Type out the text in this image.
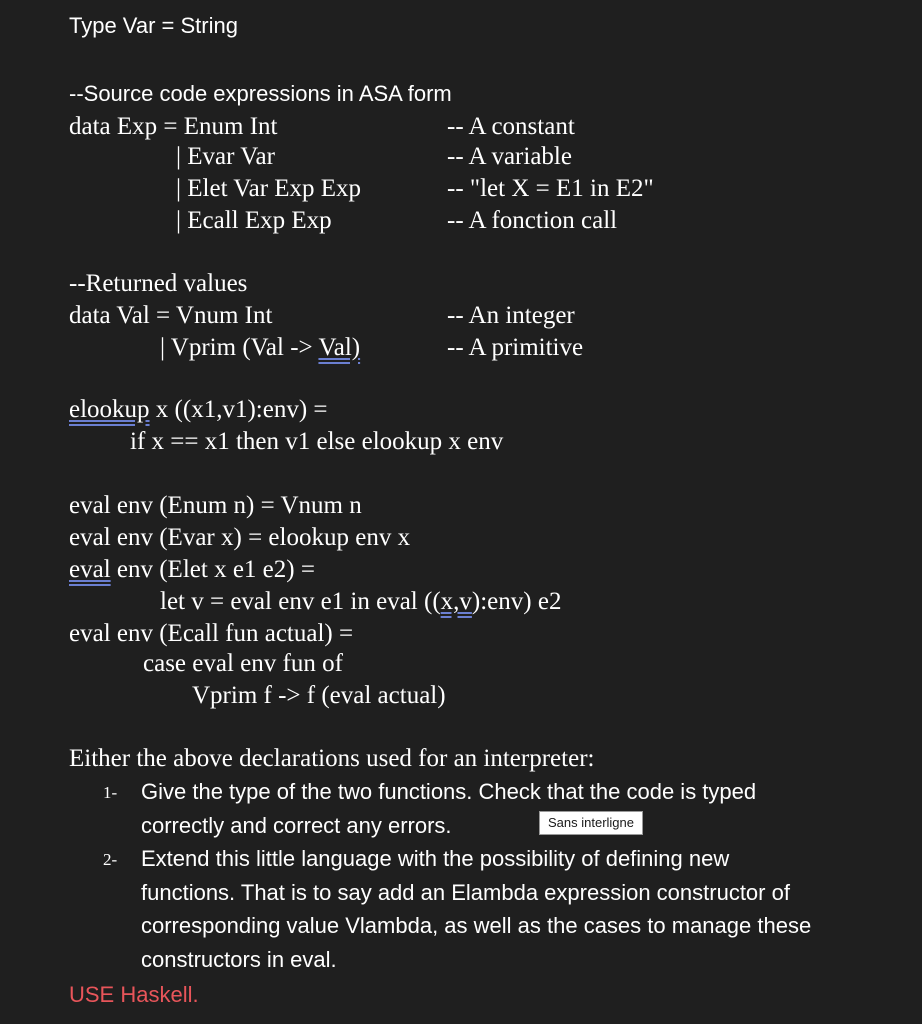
Type Var = String
--Source code expressions in ASA form
data Exp = Enum Int	-- A constant
| Evar Var	-- A variable
| Elet Var Exp Exp	-- "let X = E1 in E2"
| Ecall Exp Exp	-- A fonction call
--Returned values
data Val = Vnum Int	-- An integer
| Vprim (Val -> Val)	-- A primitive
elookup x ((x1,v1):env) =
if x == x1 then v1 else elookup x env
eval env (Enum n) = Vnum n
eval env (Evar x) = elookup env x
eval env (Elet x e1 e2) =
let v = eval env e1 in eval ((x,v):env) e2
eval env (Ecall fun actual) =
case eval env fun of
Vprim f -> f (eval actual)
Either the above declarations used for an interpreter:
1- Give the type of the two functions. Check that the code is typed
correctly and correct any errors.	Sans interligne
2- Extend this little language with the possibility of defining new
functions. That is to say add an Elambda expression constructor of
corresponding value Vlambda, as well as the cases to manage these
constructors in eval.
USE Haskell.
